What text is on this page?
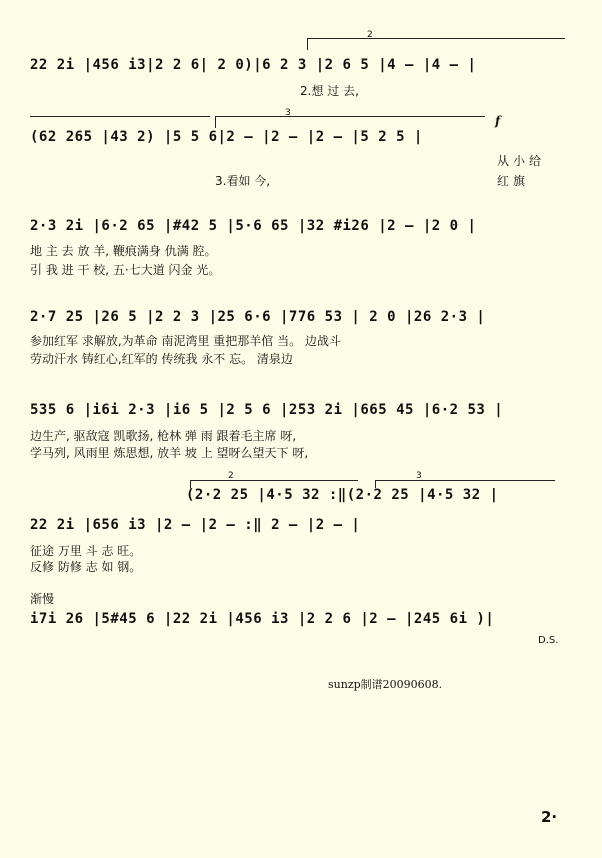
22 2i |456 i3|2 2 6| 2 0)|6 2 3 |2 6 5 |4 – |4 – |
2
2.想 过 去,
3
f
(62 265 |43 2) |5 5 6|2 – |2 – |2 – |5 2 5 |
从小给
3.看如 今,	红旗
2·3 2i |6·2 65 |#42 5 |5·6 65 |32 #i26 |2 – |2 0 |
地 主 去 放 羊, 鞭痕满身 仇满 腔。
引 我 进 干 校, 五·七大道 闪金 光。
2·7 25 |26 5 |2 2 3 |25 6·6 |776 53 | 2 0 |26 2·3 |
参加红军 求解放,为革命 南泥湾里 重把那羊倌 当。 边战斗
劳动汗水 铸红心,红军的 传统我 永不 忘。 清泉边
535 6 |i6i 2·3 |i6 5 |2 5 6 |253 2i |665 45 |6·2 53 |
边生产, 驱敌寇 凯歌扬, 枪林 弹 雨 跟着毛主席 呀,
学马列, 风雨里 炼思想, 放羊 坡 上 望呀么望天下 呀,
2	3
(2·2 25 |4·5 32 :‖(2·2 25 |4·5 32 |
22 2i |656 i3 |2 – |2 – :‖ 2 – |2 – |
征途 万里 斗 志 旺。
反修 防修 志 如 钢。
渐慢
i7i 26 |5#45 6 |22 2i |456 i3 |2 2 6 |2 – |245 6i )|
D.S.
sunzp制谱20090608.
2·
